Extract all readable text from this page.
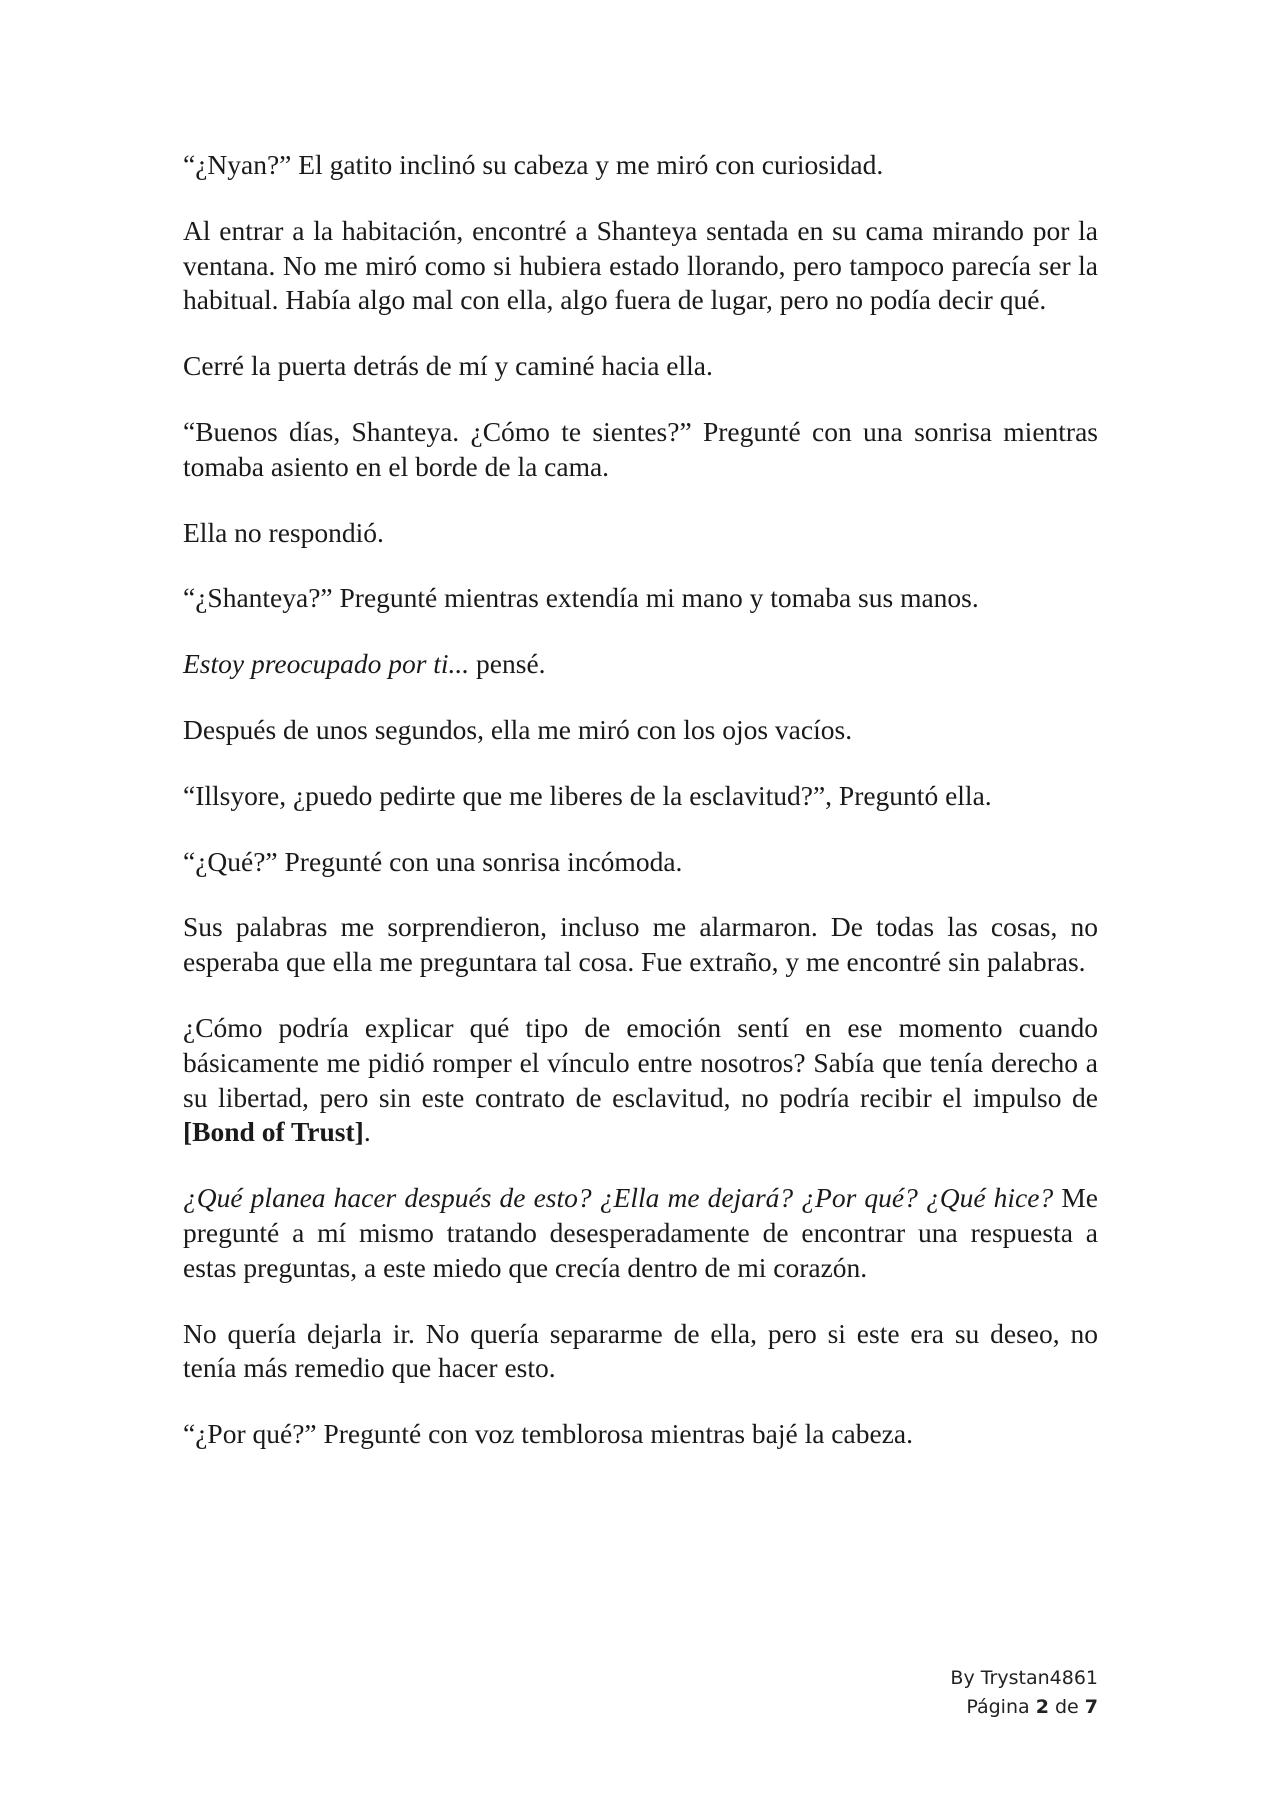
“¿Nyan?” El gatito inclinó su cabeza y me miró con curiosidad.

Al entrar a la habitación, encontré a Shanteya sentada en su cama mirando por la ventana. No me miró como si hubiera estado llorando, pero tampoco parecía ser la habitual. Había algo mal con ella, algo fuera de lugar, pero no podía decir qué.

Cerré la puerta detrás de mí y caminé hacia ella.

“Buenos días, Shanteya. ¿Cómo te sientes?” Pregunté con una sonrisa mientras tomaba asiento en el borde de la cama.

Ella no respondió.

“¿Shanteya?” Pregunté mientras extendía mi mano y tomaba sus manos.

Estoy preocupado por ti... pensé.

Después de unos segundos, ella me miró con los ojos vacíos.

“Illsyore, ¿puedo pedirte que me liberes de la esclavitud?”, Preguntó ella.

“¿Qué?” Pregunté con una sonrisa incómoda.

Sus palabras me sorprendieron, incluso me alarmaron. De todas las cosas, no esperaba que ella me preguntara tal cosa. Fue extraño, y me encontré sin palabras.

¿Cómo podría explicar qué tipo de emoción sentí en ese momento cuando básicamente me pidió romper el vínculo entre nosotros? Sabía que tenía derecho a su libertad, pero sin este contrato de esclavitud, no podría recibir el impulso de [Bond of Trust].

¿Qué planea hacer después de esto? ¿Ella me dejará? ¿Por qué? ¿Qué hice? Me pregunté a mí mismo tratando desesperadamente de encontrar una respuesta a estas preguntas, a este miedo que crecía dentro de mi corazón.

No quería dejarla ir. No quería separarme de ella, pero si este era su deseo, no tenía más remedio que hacer esto.

“¿Por qué?” Pregunté con voz temblorosa mientras bajé la cabeza.

By Trystan4861
Página 2 de 7
